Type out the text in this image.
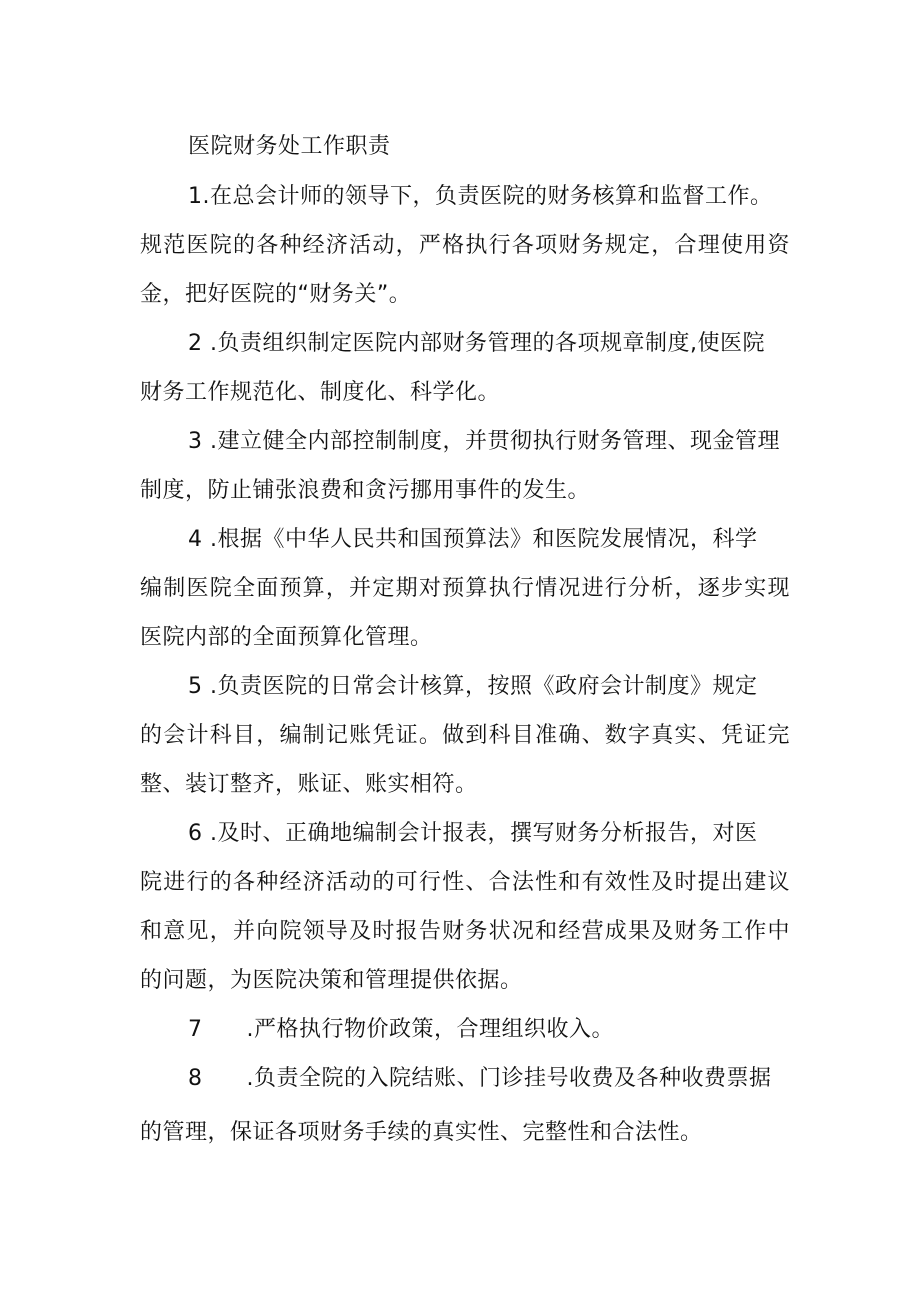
医院财务处工作职责
1.在总会计师的领导下，负责医院的财务核算和监督工作。
规范医院的各种经济活动，严格执行各项财务规定，合理使用资
金，把好医院的“财务关”。
2 .负责组织制定医院内部财务管理的各项规章制度,使医院
财务工作规范化、制度化、科学化。
3 .建立健全内部控制制度，并贯彻执行财务管理、现金管理
制度，防止铺张浪费和贪污挪用事件的发生。
4 .根据《中华人民共和国预算法》和医院发展情况，科学
编制医院全面预算，并定期对预算执行情况进行分析，逐步实现
医院内部的全面预算化管理。
5 .负责医院的日常会计核算，按照《政府会计制度》规定
的会计科目，编制记账凭证。做到科目准确、数字真实、凭证完
整、装订整齐，账证、账实相符。
6 .及时、正确地编制会计报表，撰写财务分析报告，对医
院进行的各种经济活动的可行性、合法性和有效性及时提出建议
和意见，并向院领导及时报告财务状况和经营成果及财务工作中
的问题，为医院决策和管理提供依据。
7 .严格执行物价政策，合理组织收入。
8 .负责全院的入院结账、门诊挂号收费及各种收费票据
的管理，保证各项财务手续的真实性、完整性和合法性。
